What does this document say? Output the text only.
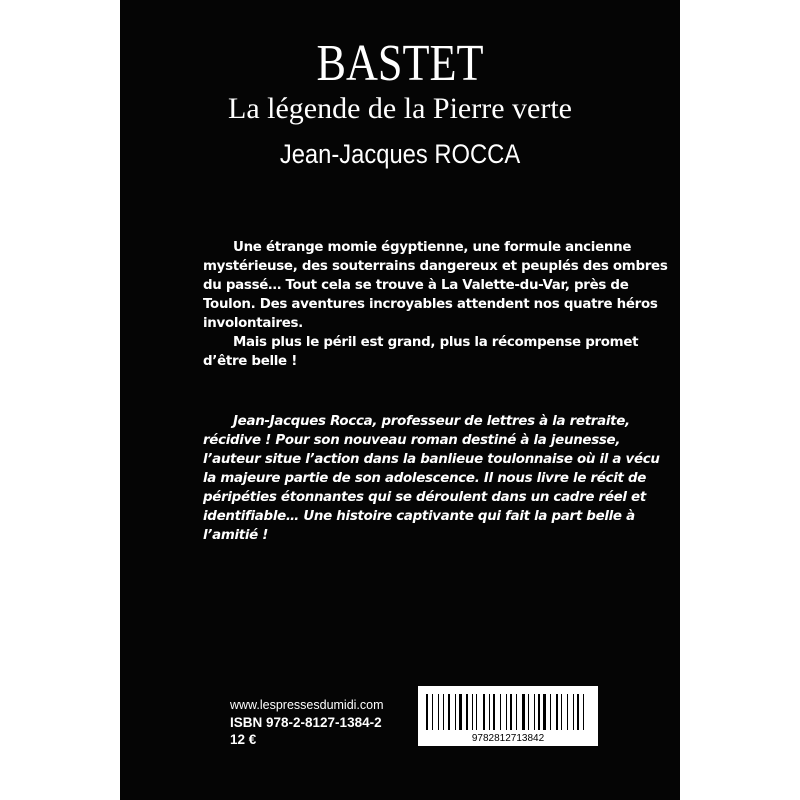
BASTET
La légende de la Pierre verte
Jean-Jacques ROCCA
Une étrange momie égyptienne, une formule ancienne
mystérieuse, des souterrains dangereux et peuplés des ombres
du passé… Tout cela se trouve à La Valette-du-Var, près de
Toulon. Des aventures incroyables attendent nos quatre héros
involontaires.
Mais plus le péril est grand, plus la récompense promet
d’être belle !
Jean-Jacques Rocca, professeur de lettres à la retraite,
récidive ! Pour son nouveau roman destiné à la jeunesse,
l’auteur situe l’action dans la banlieue toulonnaise où il a vécu
la majeure partie de son adolescence. Il nous livre le récit de
péripéties étonnantes qui se déroulent dans un cadre réel et
identifiable… Une histoire captivante qui fait la part belle à
l’amitié !
www.lespressesdumidi.com
ISBN 978-2-8127-1384-2
12 €	9782812713842
